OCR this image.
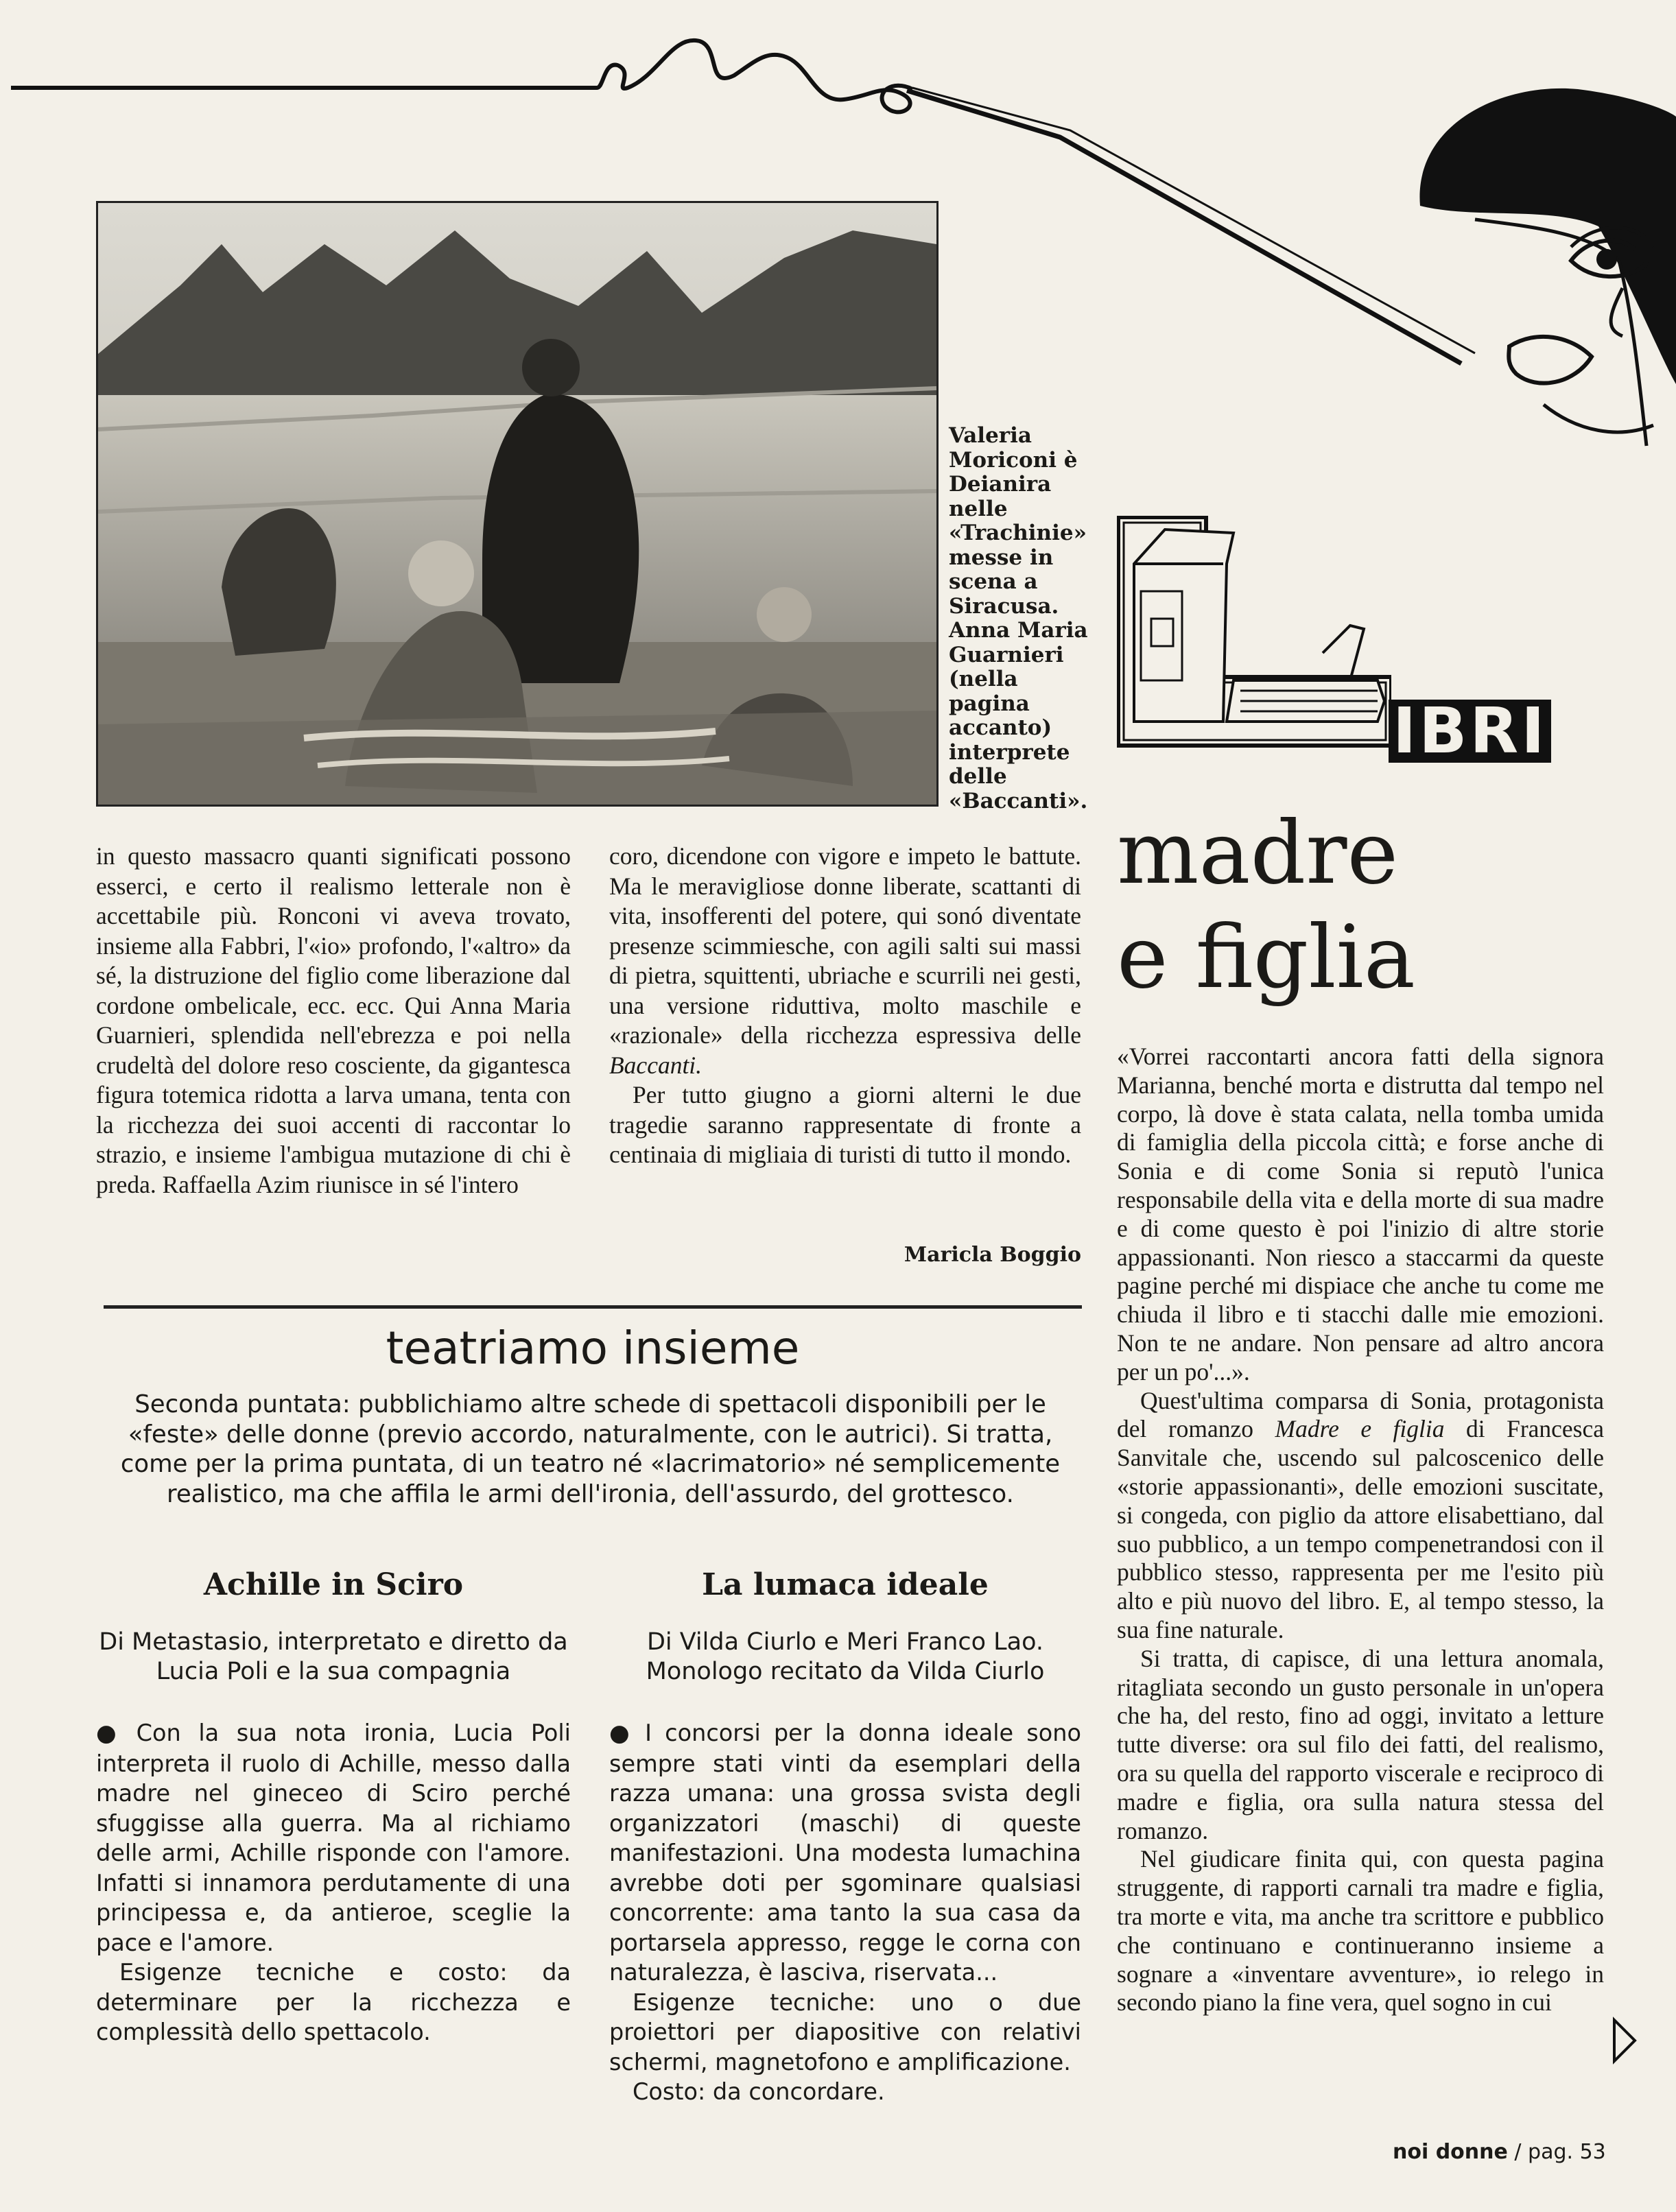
Valeria
Moriconi è
Deianira
nelle
«Trachinie»
messe in
scena a
Siracusa.
Anna Maria
Guarnieri
(nella
pagina
accanto)
interprete
delle
«Baccanti».

in questo massacro quanti significati possono esserci, e certo il realismo letterale non è accettabile più. Ronconi vi aveva trovato, insieme alla Fabbri, l'«io» profondo, l'«altro» da sé, la distruzione del figlio come liberazione dal cordone ombelicale, ecc. ecc. Qui Anna Maria Guarnieri, splendida nell'ebrezza e poi nella crudeltà del dolore reso cosciente, da gigantesca figura totemica ridotta a larva umana, tenta con la ricchezza dei suoi accenti di raccontar lo strazio, e insieme l'ambigua mutazione di chi è preda. Raffaella Azim riunisce in sé l'intero

coro, dicendone con vigore e impeto le battute. Ma le meravigliose donne liberate, scattanti di vita, insofferenti del potere, qui sonó diventate presenze scimmiesche, con agili salti sui massi di pietra, squittenti, ubriache e scurrili nei gesti, una versione riduttiva, molto maschile e «razionale» della ricchezza espressiva delle Baccanti.

Per tutto giugno a giorni alterni le due tragedie saranno rappresentate di fronte a centinaia di migliaia di turisti di tutto il mondo.

Maricla Boggio
teatriamo insieme
Seconda puntata: pubblichiamo altre schede di spettacoli disponibili per le «feste» delle donne (previo accordo, naturalmente, con le autrici). Si tratta, come per la prima puntata, di un teatro né «lacrimatorio» né semplicemente realistico, ma che affila le armi dell'ironia, dell'assurdo, del grottesco.
Achille in Sciro	La lumaca ideale
Di Metastasio, interpretato e diretto da Lucia Poli e la sua compagnia
Di Vilda Ciurlo e Meri Franco Lao. Monologo recitato da Vilda Ciurlo

● Con la sua nota ironia, Lucia Poli interpreta il ruolo di Achille, messo dalla madre nel gineceo di Sciro perché sfuggisse alla guerra. Ma al richiamo delle armi, Achille risponde con l'amore. Infatti si innamora perdutamente di una principessa e, da antieroe, sceglie la pace e l'amore.

Esigenze tecniche e costo: da determinare per la ricchezza e complessità dello spettacolo.

● I concorsi per la donna ideale sono sempre stati vinti da esemplari della razza umana: una grossa svista degli organizzatori (maschi) di queste manifestazioni. Una modesta lumachina avrebbe doti per sgominare qualsiasi concorrente: ama tanto la sua casa da portarsela appresso, regge le corna con naturalezza, è lasciva, riservata...

Esigenze tecniche: uno o due proiettori per diapositive con relativi schermi, magnetofono e amplificazione.

Costo: da concordare.

IBRI
madre
e figlia

«Vorrei raccontarti ancora fatti della signora Marianna, benché morta e distrutta dal tempo nel corpo, là dove è stata calata, nella tomba umida di famiglia della piccola città; e forse anche di Sonia e di come Sonia si reputò l'unica responsabile della vita e della morte di sua madre e di come questo è poi l'inizio di altre storie appassionanti. Non riesco a staccarmi da queste pagine perché mi dispiace che anche tu come me chiuda il libro e ti stacchi dalle mie emozioni. Non te ne andare. Non pensare ad altro ancora per un po'...».

Quest'ultima comparsa di Sonia, protagonista del romanzo Madre e figlia di Francesca Sanvitale che, uscendo sul palcoscenico delle «storie appassionanti», delle emozioni suscitate, si congeda, con piglio da attore elisabettiano, dal suo pubblico, a un tempo compenetrandosi con il pubblico stesso, rappresenta per me l'esito più alto e più nuovo del libro. E, al tempo stesso, la sua fine naturale.

Si tratta, di capisce, di una lettura anomala, ritagliata secondo un gusto personale in un'opera che ha, del resto, fino ad oggi, invitato a letture tutte diverse: ora sul filo dei fatti, del realismo, ora su quella del rapporto viscerale e reciproco di madre e figlia, ora sulla natura stessa del romanzo.

Nel giudicare finita qui, con questa pagina struggente, di rapporti carnali tra madre e figlia, tra morte e vita, ma anche tra scrittore e pubblico che continuano e continueranno insieme a sognare a «inventare avventure», io relego in secondo piano la fine vera, quel sogno in cui

noi donne / pag. 53
